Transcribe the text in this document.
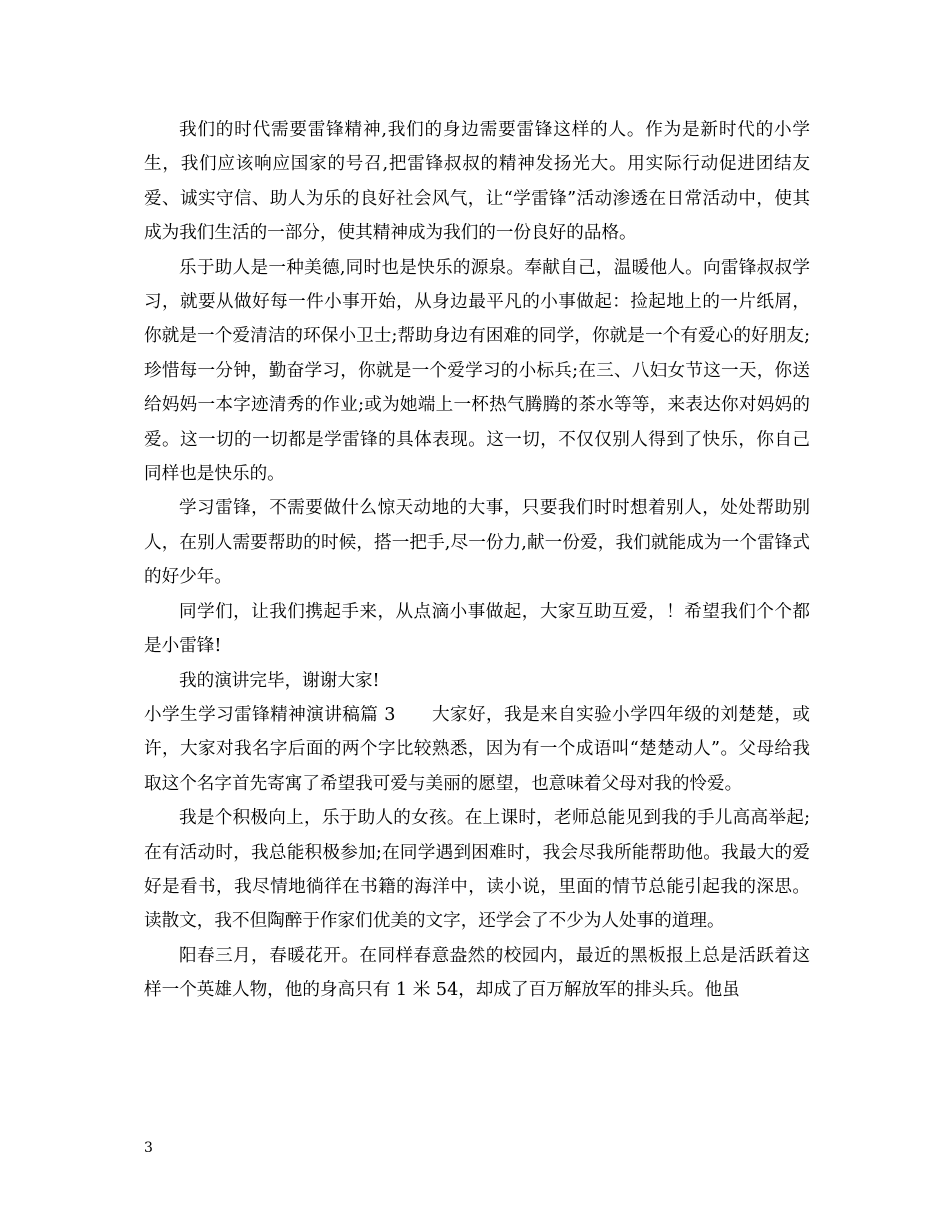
我们的时代需要雷锋精神,我们的身边需要雷锋这样的人。作为是新时代的小学生，我们应该响应国家的号召,把雷锋叔叔的精神发扬光大。用实际行动促进团结友爱、诚实守信、助人为乐的良好社会风气，让“学雷锋”活动渗透在日常活动中，使其成为我们生活的一部分，使其精神成为我们的一份良好的品格。

乐于助人是一种美德,同时也是快乐的源泉。奉献自己，温暖他人。向雷锋叔叔学习，就要从做好每一件小事开始，从身边最平凡的小事做起：捡起地上的一片纸屑，你就是一个爱清洁的环保小卫士;帮助身边有困难的同学，你就是一个有爱心的好朋友;珍惜每一分钟，勤奋学习，你就是一个爱学习的小标兵;在三、八妇女节这一天，你送给妈妈一本字迹清秀的作业;或为她端上一杯热气腾腾的茶水等等，来表达你对妈妈的爱。这一切的一切都是学雷锋的具体表现。这一切，不仅仅别人得到了快乐，你自己同样也是快乐的。

学习雷锋，不需要做什么惊天动地的大事，只要我们时时想着别人，处处帮助别人，在别人需要帮助的时候，搭一把手,尽一份力,献一份爱，我们就能成为一个雷锋式的好少年。

同学们，让我们携起手来，从点滴小事做起，大家互助互爱，！希望我们个个都是小雷锋!

我的演讲完毕，谢谢大家!

小学生学习雷锋精神演讲稿篇 3　　大家好，我是来自实验小学四年级的刘楚楚，或许，大家对我名字后面的两个字比较熟悉，因为有一个成语叫“楚楚动人”。父母给我取这个名字首先寄寓了希望我可爱与美丽的愿望，也意味着父母对我的怜爱。

我是个积极向上，乐于助人的女孩。在上课时，老师总能见到我的手儿高高举起;在有活动时，我总能积极参加;在同学遇到困难时，我会尽我所能帮助他。我最大的爱好是看书，我尽情地徜徉在书籍的海洋中，读小说，里面的情节总能引起我的深思。读散文，我不但陶醉于作家们优美的文字，还学会了不少为人处事的道理。

阳春三月，春暖花开。在同样春意盎然的校园内，最近的黑板报上总是活跃着这样一个英雄人物，他的身高只有 1 米 54，却成了百万解放军的排头兵。他虽

3
